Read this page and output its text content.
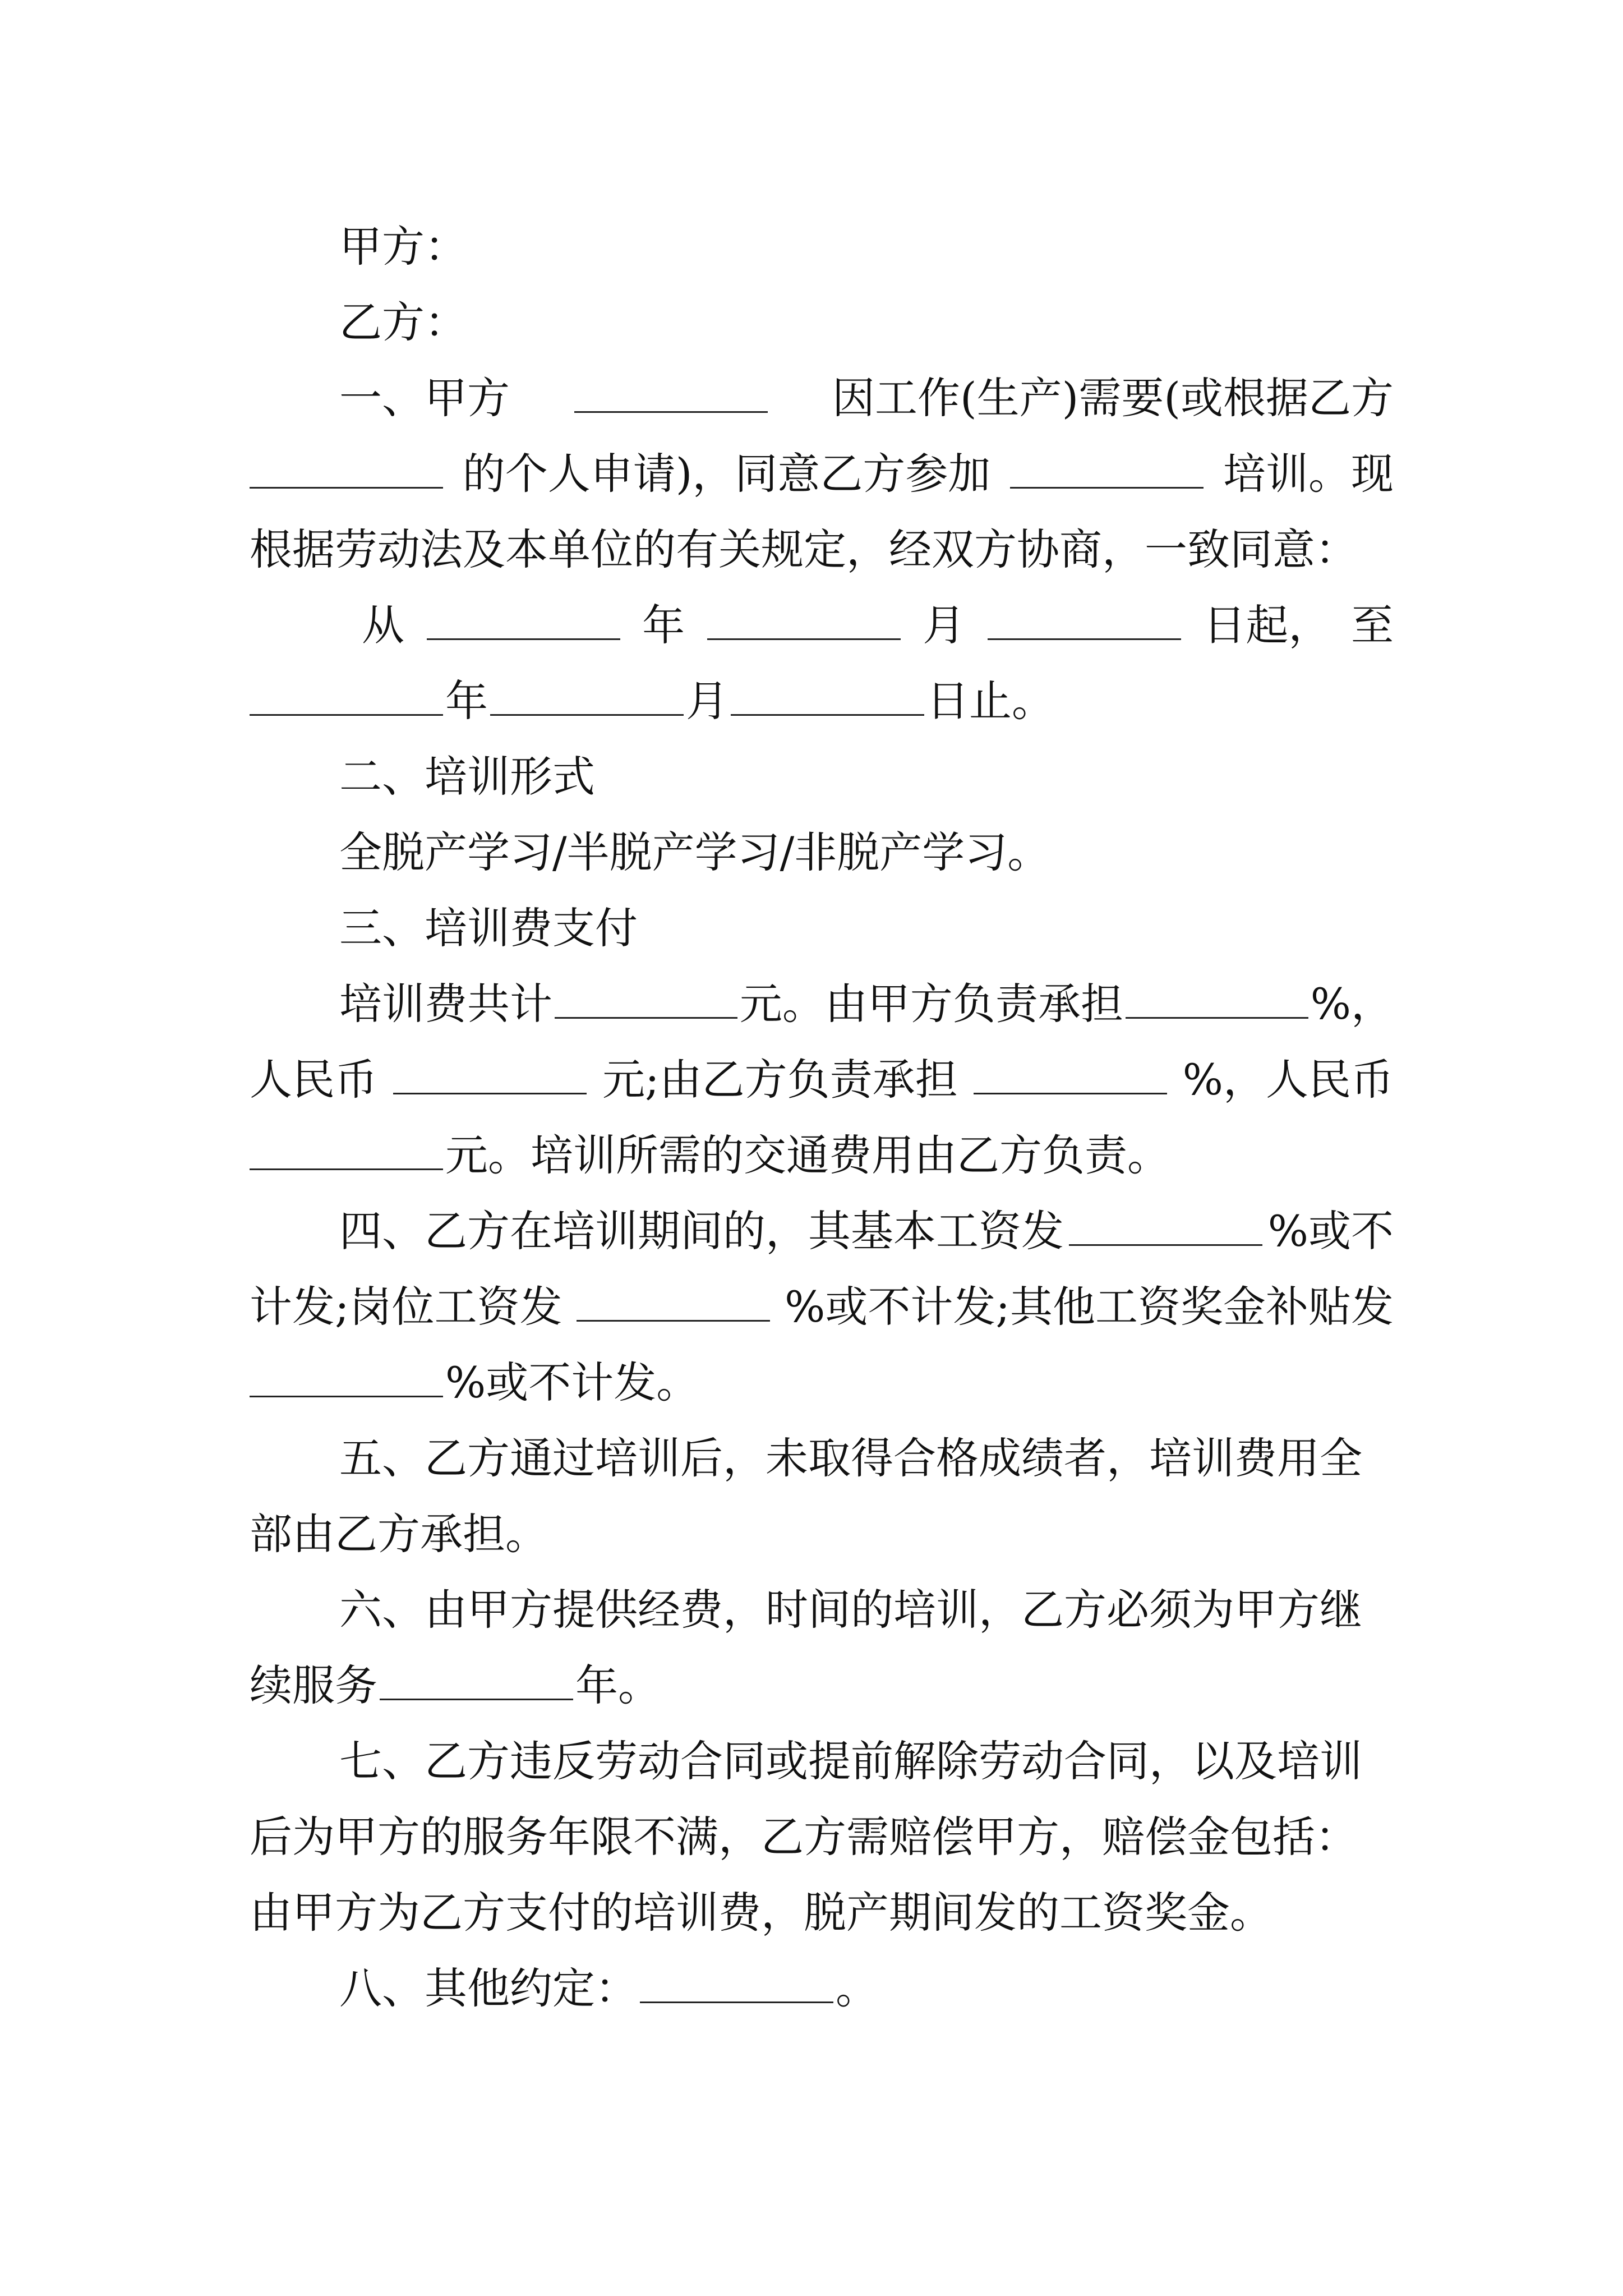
甲方：
乙方：
一、甲方	因工作(生产)需要(或根据乙方
的个人申请)，同意乙方参加	培训。现
根据劳动法及本单位的有关规定，经双方协商，一致同意：
从	年	月	日起， 至
年	月	日止。
二、培训形式
全脱产学习/半脱产学习/非脱产学习。
三、培训费支付
培训费共计	元。由甲方负责承担	%，
人民币	元;由乙方负责承担	%，人民币
元。培训所需的交通费用由乙方负责。
四、乙方在培训期间的，其基本工资发	%或不
计发;岗位工资发	%或不计发;其他工资奖金补贴发
%或不计发。
五、乙方通过培训后，未取得合格成绩者，培训费用全
部由乙方承担。
六、由甲方提供经费，时间的培训，乙方必须为甲方继
续服务	年。
七、乙方违反劳动合同或提前解除劳动合同，以及培训
后为甲方的服务年限不满，乙方需赔偿甲方，赔偿金包括：
由甲方为乙方支付的培训费，脱产期间发的工资奖金。
八、其他约定：	。
